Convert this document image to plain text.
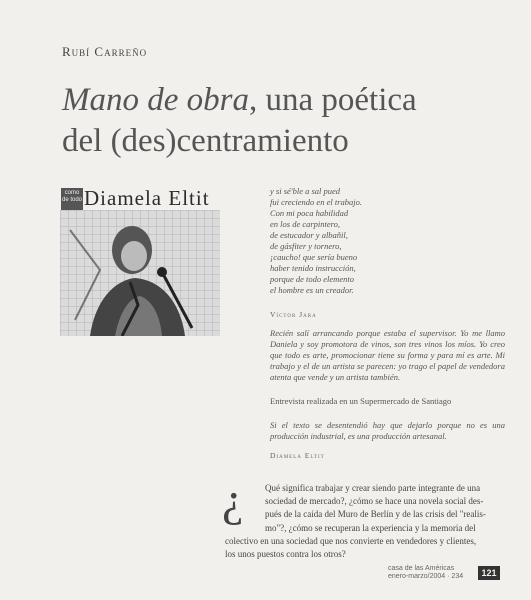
Rubí Carreño
Mano de obra, una poética
del (des)centramiento
como de todo Diamela Eltit	y si sé'ble a sal pued
fui creciendo en el trabajo.
Con mi poca habilidad
en los de carpintero,
de estucador y albañil,
de gásfiter y tornero,
¡caucho! que sería bueno
haber tenido instrucción,
porque de todo elemento
el hombre es un creador.
Víctor Jara
Recién salí arrancando porque estaba el supervisor. Yo me llamo Daniela y soy promotora de vinos, son tres vinos los míos. Yo creo que todo es arte, promocionar tiene su forma y para mí es arte. Mi trabajo y el de un artista se parecen: yo trago el papel de vendedora atenta que vende y un artista también.
Entrevista realizada en un Supermercado de Santiago
Si el texto se desentendió hay que dejarlo porque no es una producción industrial, es una producción artesanal.
Diamela Eltit
¿	Qué significa trabajar y crear siendo parte integrante de una

sociedad de mercado?, ¿cómo se hace una novela social des-

pués de la caída del Muro de Berlín y de las crisis del "realis-

mo"?, ¿cómo se recuperan la experiencia y la memoria del

colectivo en una sociedad que nos convierte en vendedores y clientes,

los unos puestos contra los otros?

casa de las Américas
enero-marzo/2004 · 234	121
